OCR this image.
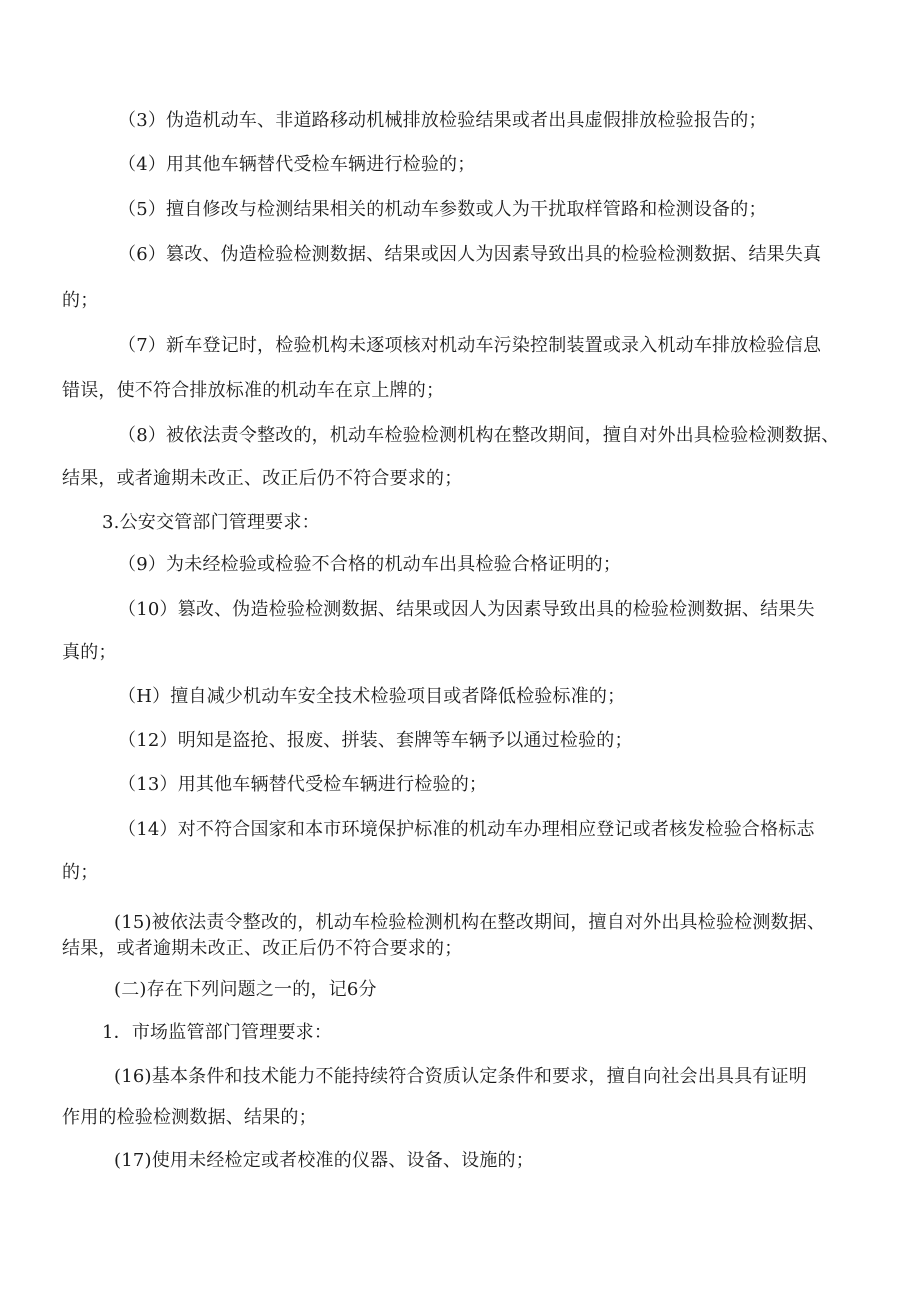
（3）伪造机动车、非道路移动机械排放检验结果或者出具虚假排放检验报告的；
（4）用其他车辆替代受检车辆进行检验的；
（5）擅自修改与检测结果相关的机动车参数或人为干扰取样管路和检测设备的；
（6）篡改、伪造检验检测数据、结果或因人为因素导致出具的检验检测数据、结果失真
的；
（7）新车登记时，检验机构未逐项核对机动车污染控制装置或录入机动车排放检验信息
错误，使不符合排放标准的机动车在京上牌的；
（8）被依法责令整改的，机动车检验检测机构在整改期间，擅自对外出具检验检测数据、
结果，或者逾期未改正、改正后仍不符合要求的；
3.公安交管部门管理要求：
（9）为未经检验或检验不合格的机动车出具检验合格证明的；
（10）篡改、伪造检验检测数据、结果或因人为因素导致出具的检验检测数据、结果失
真的；
（H）擅自减少机动车安全技术检验项目或者降低检验标准的；
（12）明知是盗抢、报废、拼装、套牌等车辆予以通过检验的；
（13）用其他车辆替代受检车辆进行检验的；
（14）对不符合国家和本市环境保护标准的机动车办理相应登记或者核发检验合格标志
的；
(15)被依法责令整改的，机动车检验检测机构在整改期间，擅自对外出具检验检测数据、
结果，或者逾期未改正、改正后仍不符合要求的；
(二)存在下列问题之一的，记6分
1．市场监管部门管理要求：
(16)基本条件和技术能力不能持续符合资质认定条件和要求，擅自向社会出具具有证明
作用的检验检测数据、结果的；
(17)使用未经检定或者校准的仪器、设备、设施的；
